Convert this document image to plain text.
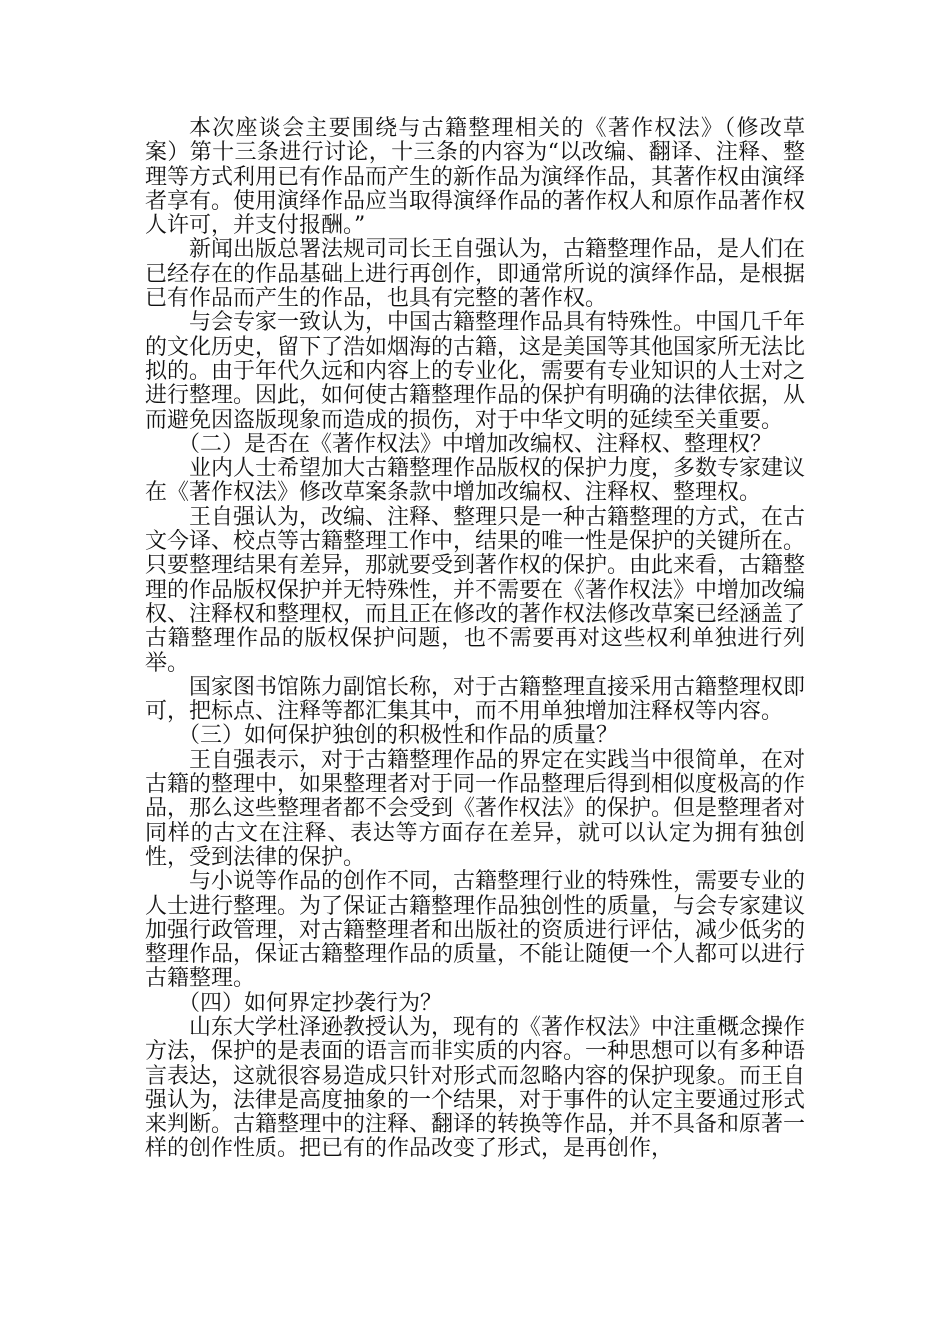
本次座谈会主要围绕与古籍整理相关的《著作权法》（修改草案）第十三条进行讨论，十三条的内容为“以改编、翻译、注释、整理等方式利用已有作品而产生的新作品为演绎作品，其著作权由演绎者享有。使用演绎作品应当取得演绎作品的著作权人和原作品著作权人许可，并支付报酬。”

新闻出版总署法规司司长王自强认为，古籍整理作品，是人们在已经存在的作品基础上进行再创作，即通常所说的演绎作品，是根据已有作品而产生的作品，也具有完整的著作权。

与会专家一致认为，中国古籍整理作品具有特殊性。中国几千年的文化历史，留下了浩如烟海的古籍，这是美国等其他国家所无法比拟的。由于年代久远和内容上的专业化，需要有专业知识的人士对之进行整理。因此，如何使古籍整理作品的保护有明确的法律依据，从而避免因盗版现象而造成的损伤，对于中华文明的延续至关重要。

（二）是否在《著作权法》中增加改编权、注释权、整理权？

业内人士希望加大古籍整理作品版权的保护力度，多数专家建议在《著作权法》修改草案条款中增加改编权、注释权、整理权。

王自强认为，改编、注释、整理只是一种古籍整理的方式，在古文今译、校点等古籍整理工作中，结果的唯一性是保护的关键所在。只要整理结果有差异，那就要受到著作权的保护。由此来看，古籍整理的作品版权保护并无特殊性，并不需要在《著作权法》中增加改编权、注释权和整理权，而且正在修改的著作权法修改草案已经涵盖了古籍整理作品的版权保护问题，也不需要再对这些权利单独进行列举。

国家图书馆陈力副馆长称，对于古籍整理直接采用古籍整理权即可，把标点、注释等都汇集其中，而不用单独增加注释权等内容。

（三）如何保护独创的积极性和作品的质量？

王自强表示，对于古籍整理作品的界定在实践当中很简单，在对古籍的整理中，如果整理者对于同一作品整理后得到相似度极高的作品，那么这些整理者都不会受到《著作权法》的保护。但是整理者对同样的古文在注释、表达等方面存在差异，就可以认定为拥有独创性，受到法律的保护。

与小说等作品的创作不同，古籍整理行业的特殊性，需要专业的人士进行整理。为了保证古籍整理作品独创性的质量，与会专家建议加强行政管理，对古籍整理者和出版社的资质进行评估，减少低劣的整理作品，保证古籍整理作品的质量，不能让随便一个人都可以进行古籍整理。

（四）如何界定抄袭行为？

山东大学杜泽逊教授认为，现有的《著作权法》中注重概念操作方法，保护的是表面的语言而非实质的内容。一种思想可以有多种语言表达，这就很容易造成只针对形式而忽略内容的保护现象。而王自强认为，法律是高度抽象的一个结果，对于事件的认定主要通过形式来判断。古籍整理中的注释、翻译的转换等作品，并不具备和原著一样的创作性质。把已有的作品改变了形式，是再创作，
